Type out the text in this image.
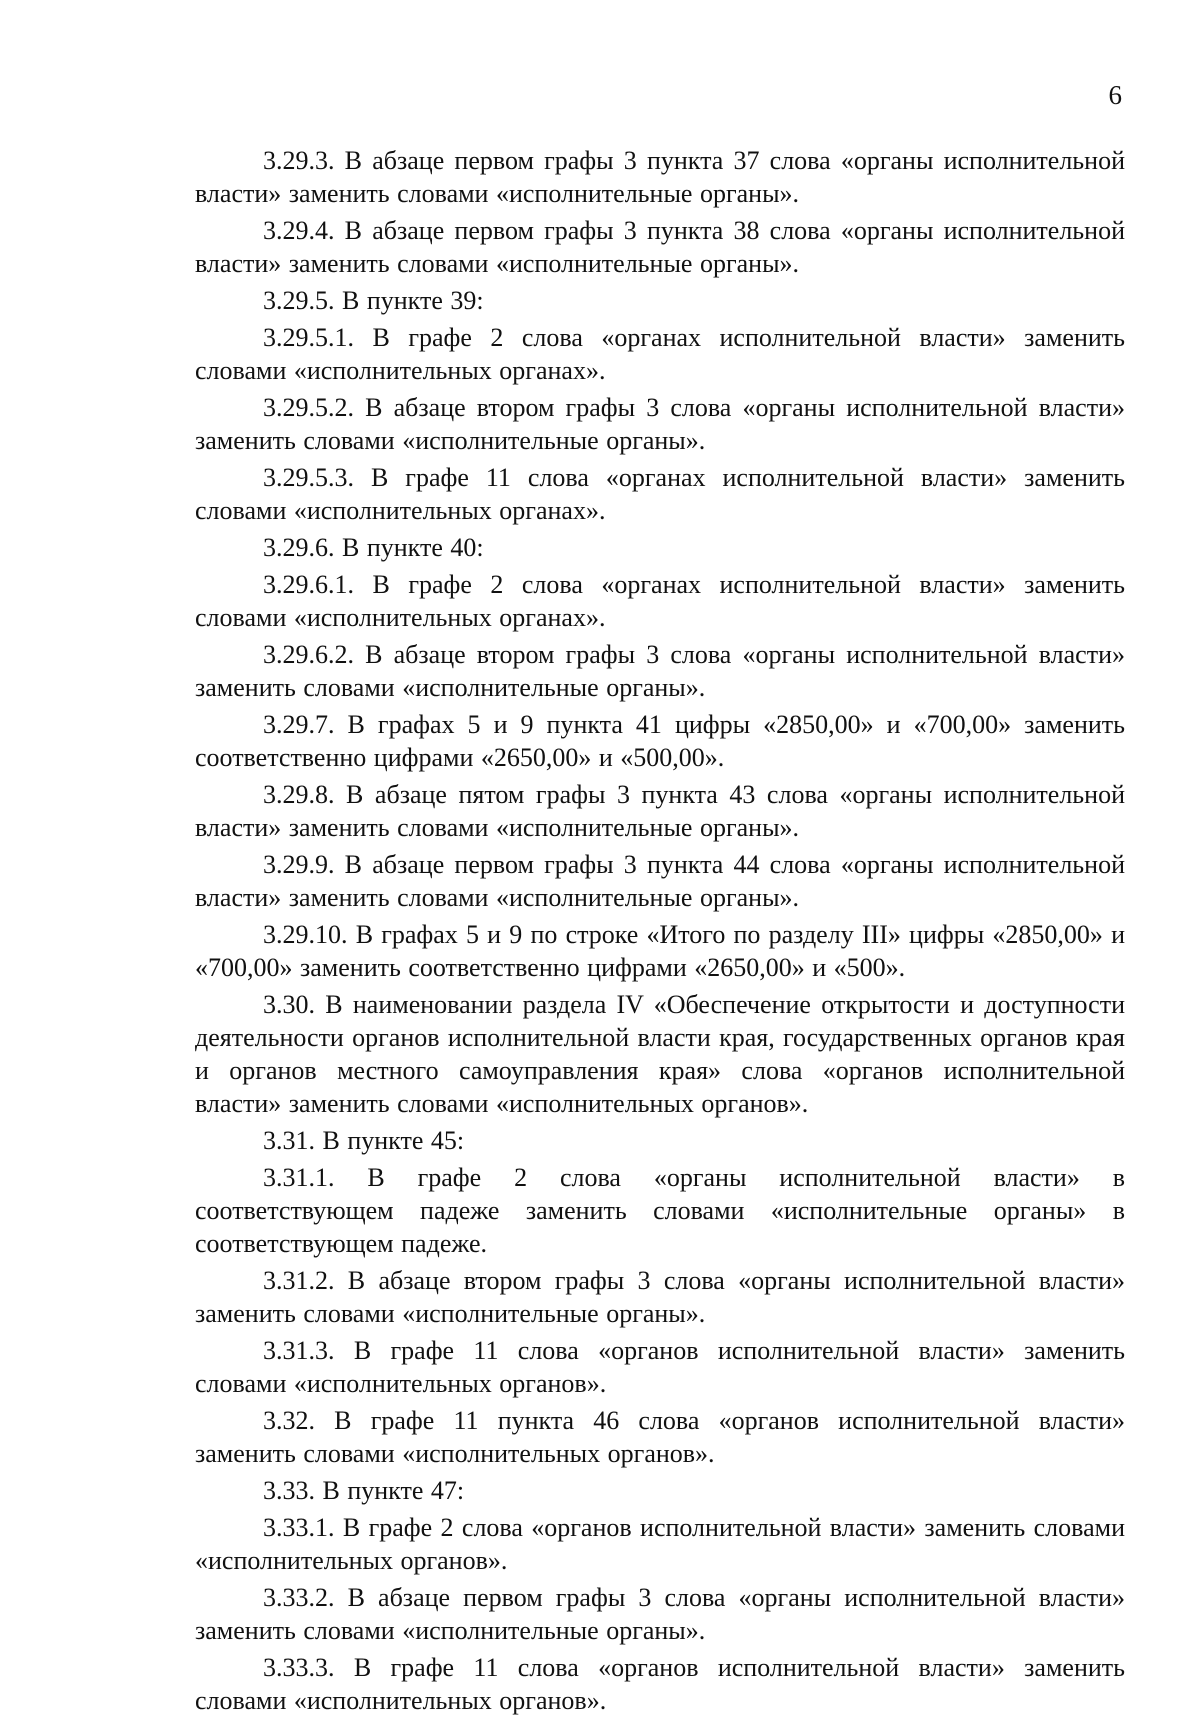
6

3.29.3. В абзаце первом графы 3 пункта 37 слова «органы исполнительной власти» заменить словами «исполнительные органы».

3.29.4. В абзаце первом графы 3 пункта 38 слова «органы исполнительной власти» заменить словами «исполнительные органы».

3.29.5. В пункте 39:

3.29.5.1. В графе 2 слова «органах исполнительной власти» заменить словами «исполнительных органах».

3.29.5.2. В абзаце втором графы 3 слова «органы исполнительной власти» заменить словами «исполнительные органы».

3.29.5.3. В графе 11 слова «органах исполнительной власти» заменить словами «исполнительных органах».

3.29.6. В пункте 40:

3.29.6.1. В графе 2 слова «органах исполнительной власти» заменить словами «исполнительных органах».

3.29.6.2. В абзаце втором графы 3 слова «органы исполнительной власти» заменить словами «исполнительные органы».

3.29.7. В графах 5 и 9 пункта 41 цифры «2850,00» и «700,00» заменить соответственно цифрами «2650,00» и «500,00».

3.29.8. В абзаце пятом графы 3 пункта 43 слова «органы исполнительной власти» заменить словами «исполнительные органы».

3.29.9. В абзаце первом графы 3 пункта 44 слова «органы исполнительной власти» заменить словами «исполнительные органы».

3.29.10. В графах 5 и 9 по строке «Итого по разделу III» цифры «2850,00» и «700,00» заменить соответственно цифрами «2650,00» и «500».

3.30. В наименовании раздела IV «Обеспечение открытости и доступности деятельности органов исполнительной власти края, государственных органов края и органов местного самоуправления края» слова «органов исполнительной власти» заменить словами «исполнительных органов».

3.31. В пункте 45:

3.31.1. В графе 2 слова «органы исполнительной власти» в соответствующем падеже заменить словами «исполнительные органы» в соответствующем падеже.

3.31.2. В абзаце втором графы 3 слова «органы исполнительной власти» заменить словами «исполнительные органы».

3.31.3. В графе 11 слова «органов исполнительной власти» заменить словами «исполнительных органов».

3.32. В графе 11 пункта 46 слова «органов исполнительной власти» заменить словами «исполнительных органов».

3.33. В пункте 47:

3.33.1. В графе 2 слова «органов исполнительной власти» заменить словами «исполнительных органов».

3.33.2. В абзаце первом графы 3 слова «органы исполнительной власти» заменить словами «исполнительные органы».

3.33.3. В графе 11 слова «органов исполнительной власти» заменить словами «исполнительных органов».
